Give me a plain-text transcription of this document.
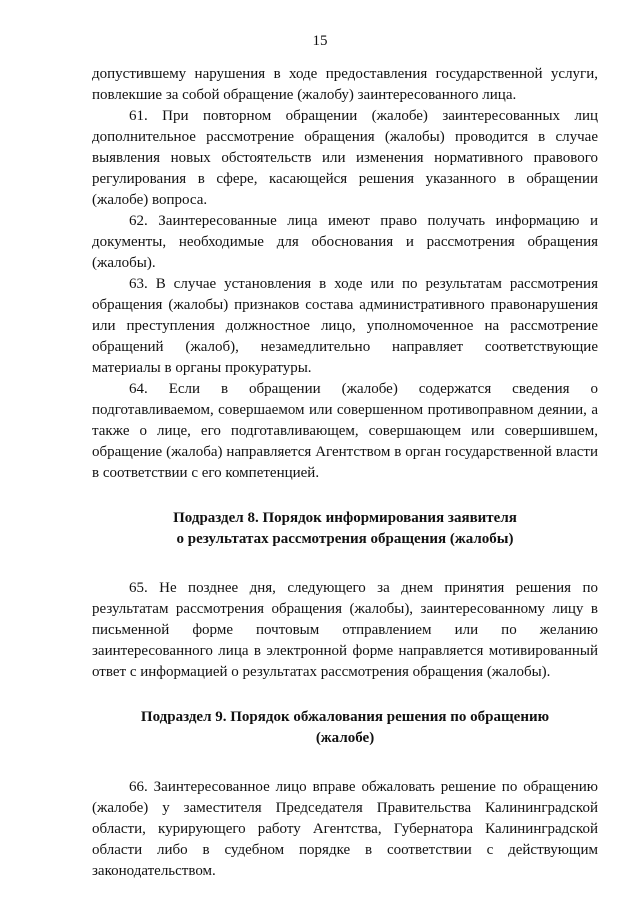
15

допустившему нарушения в ходе предоставления государственной услуги, повлекшие за собой обращение (жалобу) заинтересованного лица.

61. При повторном обращении (жалобе) заинтересованных лиц дополнительное рассмотрение обращения (жалобы) проводится в случае выявления новых обстоятельств или изменения нормативного правового регулирования в сфере, касающейся решения указанного в обращении (жалобе) вопроса.

62. Заинтересованные лица имеют право получать информацию и документы, необходимые для обоснования и рассмотрения обращения (жалобы).

63. В случае установления в ходе или по результатам рассмотрения обращения (жалобы) признаков состава административного правонарушения или преступления должностное лицо, уполномоченное на рассмотрение обращений (жалоб), незамедлительно направляет соответствующие материалы в органы прокуратуры.

64. Если в обращении (жалобе) содержатся сведения о подготавливаемом, совершаемом или совершенном противоправном деянии, а также о лице, его подготавливающем, совершающем или совершившем, обращение (жалоба) направляется Агентством в орган государственной власти в соответствии с его компетенцией.

Подраздел 8. Порядок информирования заявителя

о результатах рассмотрения обращения (жалобы)

65. Не позднее дня, следующего за днем принятия решения по результатам рассмотрения обращения (жалобы), заинтересованному лицу в письменной форме почтовым отправлением или по желанию заинтересованного лица в электронной форме направляется мотивированный ответ с информацией о результатах рассмотрения обращения (жалобы).

Подраздел 9. Порядок обжалования решения по обращению

(жалобе)

66. Заинтересованное лицо вправе обжаловать решение по обращению (жалобе) у заместителя Председателя Правительства Калининградской области, курирующего работу Агентства, Губернатора Калининградской области либо в судебном порядке в соответствии с действующим законодательством.
